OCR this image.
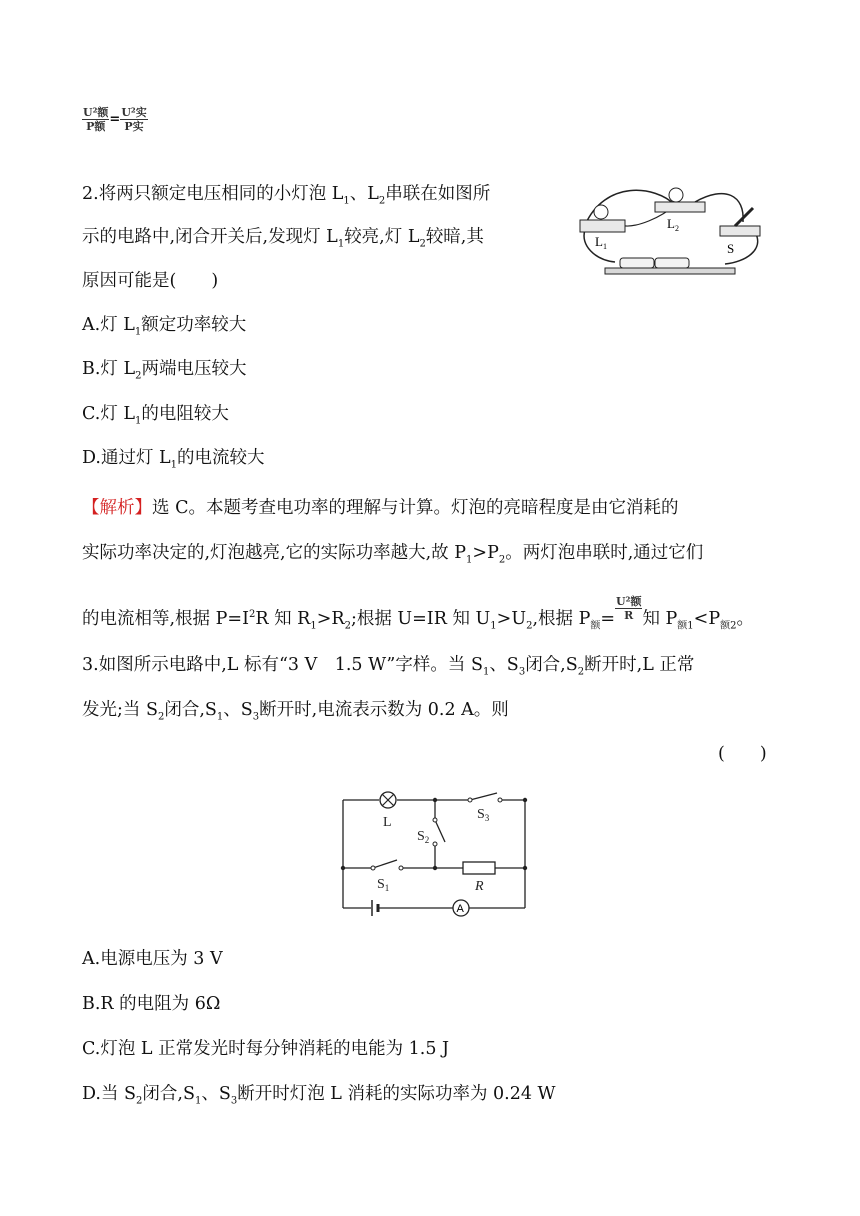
$\frac{\text{U²额}}{\text{P额}} = \frac{\text{U²实}}{\text{P实}}$
2.将两只额定电压相同的小灯泡 $L_1$、$L_2$串联在如图所
示的电路中,闭合开关后,发现灯 $L_1$较亮,灯 $L_2$较暗,其
原因可能是(　　)
$L_1$
$L_2$
S
A.灯 $L_1$额定功率较大
B.灯 $L_2$两端电压较大
C.灯 $L_1$的电阻较大
D.通过灯 $L_1$的电流较大
【解析】选 C。本题考查电功率的理解与计算。灯泡的亮暗程度是由它消耗的
实际功率决定的,灯泡越亮,它的实际功率越大,故 $P_1>P_2$。两灯泡串联时,通过它们
的电流相等,根据 $P=I^2R$ 知 $R_1>R_2$;根据 U=IR 知 $U_1>U_2$,根据 $P_额= \frac{\text{U²额}}{R}$ 知 $P_{额1}<P_{额2}$。
3.如图所示电路中,L 标有“3 V　1.5 W”字样。当 $S_1$、$S_3$闭合$,S_2$断开时,L 正常
发光;当 $S_2$闭合$,S_1$、$S_3$断开时,电流表示数为 0.2 A。则
(　　)
A
L
$S_3$
$S_2$
$S_1$	R
A.电源电压为 3 V
B.R 的电阻为 6Ω
C.灯泡 L 正常发光时每分钟消耗的电能为 1.5 J
D.当 $S_2$闭合$,S_1$、$S_3$断开时灯泡 L 消耗的实际功率为 0.24 W
